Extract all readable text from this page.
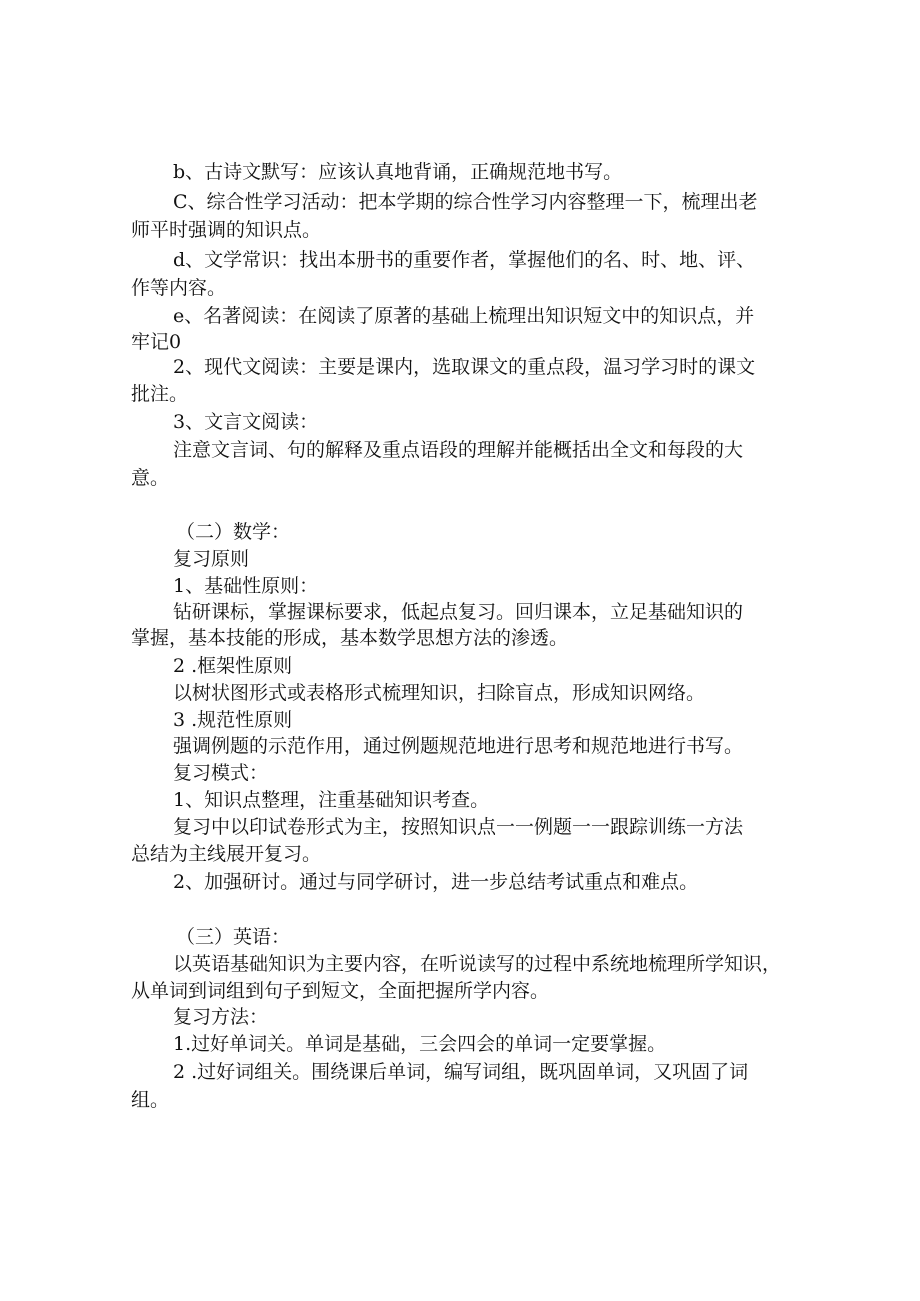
b、古诗文默写：应该认真地背诵，正确规范地书写。
C、综合性学习活动：把本学期的综合性学习内容整理一下，梳理出老
师平时强调的知识点。
d、文学常识：找出本册书的重要作者，掌握他们的名、时、地、评、
作等内容。
e、名著阅读：在阅读了原著的基础上梳理出知识短文中的知识点，并
牢记0
2、现代文阅读：主要是课内，选取课文的重点段，温习学习时的课文
批注。
3、文言文阅读：
注意文言词、句的解释及重点语段的理解并能概括出全文和每段的大
意。
（二）数学：
复习原则
1、基础性原则：
钻研课标，掌握课标要求，低起点复习。回归课本，立足基础知识的
掌握，基本技能的形成，基本数学思想方法的渗透。
2 .框架性原则
以树状图形式或表格形式梳理知识，扫除盲点，形成知识网络。
3 .规范性原则
强调例题的示范作用，通过例题规范地进行思考和规范地进行书写。
复习模式：
1、知识点整理，注重基础知识考查。
复习中以印试卷形式为主，按照知识点一一例题一一跟踪训练一方法
总结为主线展开复习。
2、加强研讨。通过与同学研讨，进一步总结考试重点和难点。
（三）英语：
以英语基础知识为主要内容，在听说读写的过程中系统地梳理所学知识，
从单词到词组到句子到短文，全面把握所学内容。
复习方法：
1.过好单词关。单词是基础，三会四会的单词一定要掌握。
2 .过好词组关。围绕课后单词，编写词组，既巩固单词，又巩固了词
组。
